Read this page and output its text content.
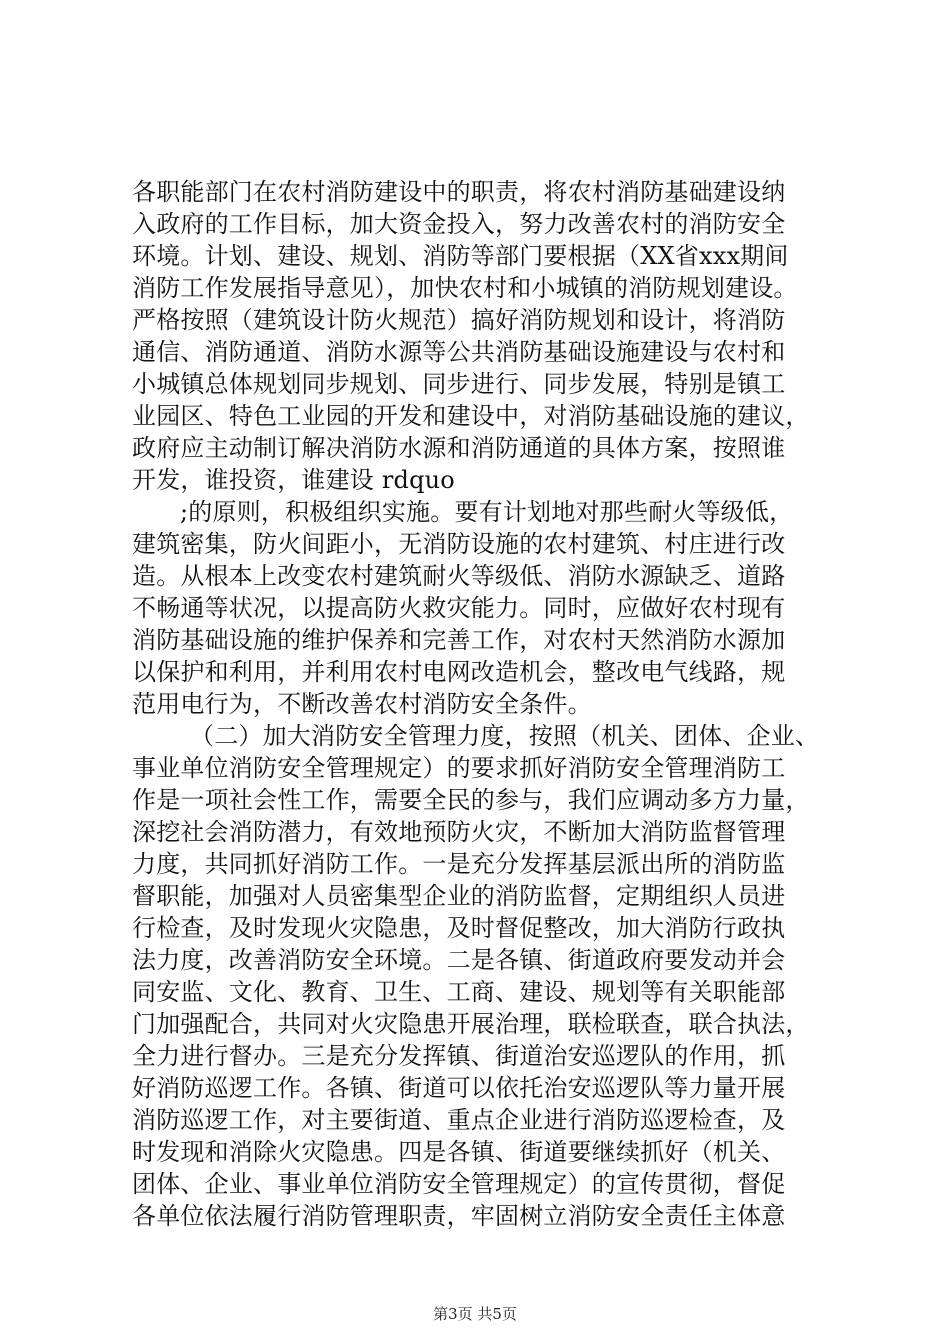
各职能部门在农村消防建设中的职责，将农村消防基础建设纳
入政府的工作目标，加大资金投入，努力改善农村的消防安全
环境。计划、建设、规划、消防等部门要根据（XX省xxx期间
消防工作发展指导意见），加快农村和小城镇的消防规划建设。
严格按照（建筑设计防火规范）搞好消防规划和设计，将消防
通信、消防通道、消防水源等公共消防基础设施建设与农村和
小城镇总体规划同步规划、同步进行、同步发展，特别是镇工
业园区、特色工业园的开发和建设中，对消防基础设施的建议，
政府应主动制订解决消防水源和消防通道的具体方案，按照谁
开发，谁投资，谁建设 rdquo
;的原则，积极组织实施。要有计划地对那些耐火等级低，
建筑密集，防火间距小，无消防设施的农村建筑、村庄进行改
造。从根本上改变农村建筑耐火等级低、消防水源缺乏、道路
不畅通等状况，以提高防火救灾能力。同时，应做好农村现有
消防基础设施的维护保养和完善工作，对农村天然消防水源加
以保护和利用，并利用农村电网改造机会，整改电气线路，规
范用电行为，不断改善农村消防安全条件。
（二）加大消防安全管理力度，按照（机关、团体、企业、
事业单位消防安全管理规定）的要求抓好消防安全管理消防工
作是一项社会性工作，需要全民的参与，我们应调动多方力量，
深挖社会消防潜力，有效地预防火灾，不断加大消防监督管理
力度，共同抓好消防工作。一是充分发挥基层派出所的消防监
督职能，加强对人员密集型企业的消防监督，定期组织人员进
行检查，及时发现火灾隐患，及时督促整改，加大消防行政执
法力度，改善消防安全环境。二是各镇、街道政府要发动并会
同安监、文化、教育、卫生、工商、建设、规划等有关职能部
门加强配合，共同对火灾隐患开展治理，联检联查，联合执法，
全力进行督办。三是充分发挥镇、街道治安巡逻队的作用，抓
好消防巡逻工作。各镇、街道可以依托治安巡逻队等力量开展
消防巡逻工作，对主要街道、重点企业进行消防巡逻检查，及
时发现和消除火灾隐患。四是各镇、街道要继续抓好（机关、
团体、企业、事业单位消防安全管理规定）的宣传贯彻，督促
各单位依法履行消防管理职责，牢固树立消防安全责任主体意
第3页 共5页
